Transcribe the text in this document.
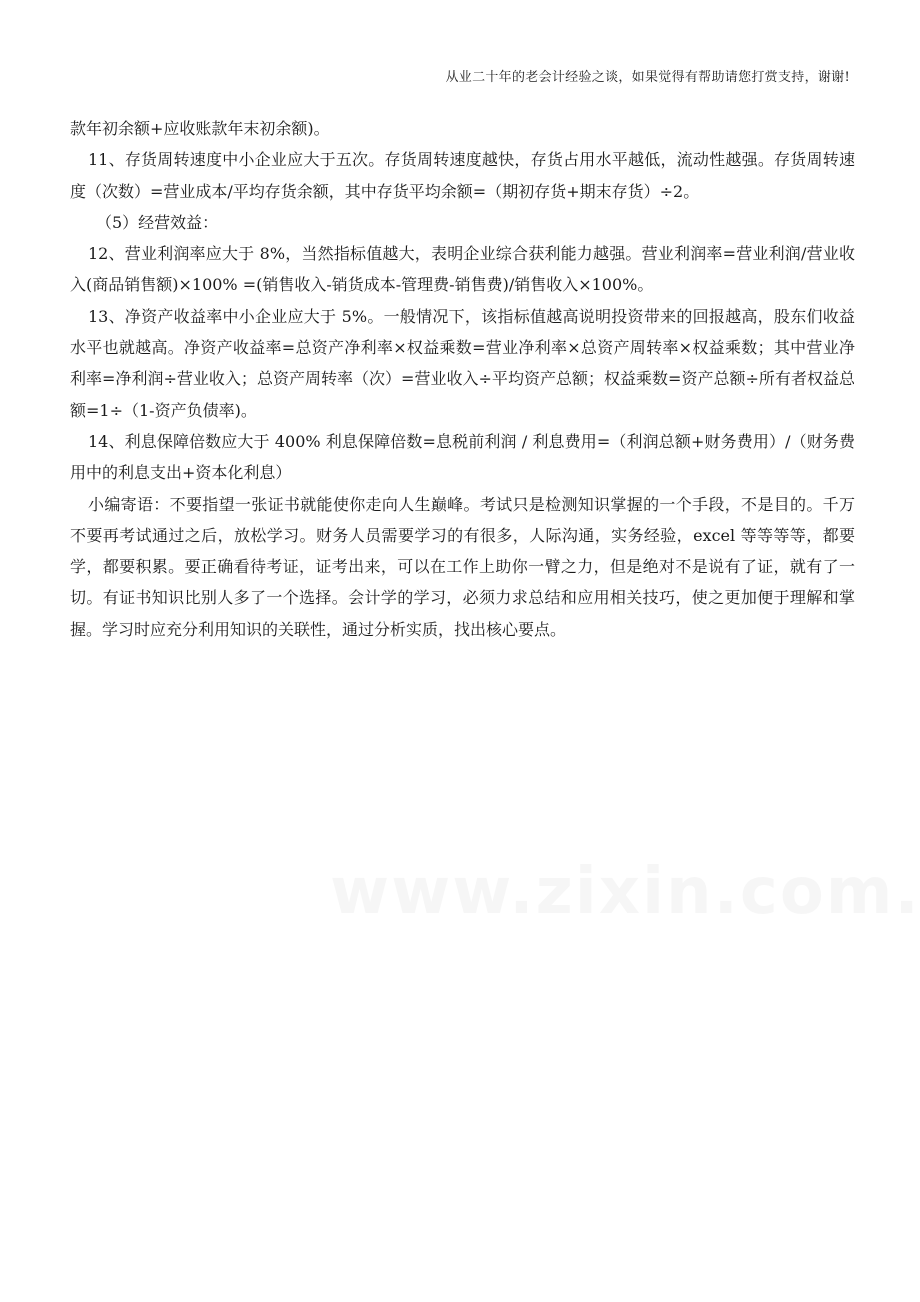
从业二十年的老会计经验之谈，如果觉得有帮助请您打赏支持，谢谢!

款年初余额+应收账款年末初余额)。

11、存货周转速度中小企业应大于五次。存货周转速度越快，存货占用水平越低，流动性越强。存货周转速度（次数）=营业成本/平均存货余额，其中存货平均余额=（期初存货+期末存货）÷2。

（5）经营效益：

12、营业利润率应大于 8%，当然指标值越大，表明企业综合获利能力越强。营业利润率=营业利润/营业收入(商品销售额)×100% =(销售收入-销货成本-管理费-销售费)/销售收入×100%。

13、净资产收益率中小企业应大于 5%。一般情况下，该指标值越高说明投资带来的回报越高，股东们收益水平也就越高。净资产收益率=总资产净利率×权益乘数=营业净利率×总资产周转率×权益乘数；其中营业净利率=净利润÷营业收入；总资产周转率（次）=营业收入÷平均资产总额；权益乘数=资产总额÷所有者权益总额=1÷（1-资产负债率)。

14、利息保障倍数应大于 400% 利息保障倍数=息税前利润 / 利息费用=（利润总额+财务费用）/（财务费用中的利息支出+资本化利息）

小编寄语：不要指望一张证书就能使你走向人生巅峰。考试只是检测知识掌握的一个手段，不是目的。千万不要再考试通过之后，放松学习。财务人员需要学习的有很多，人际沟通，实务经验，excel 等等等等，都要学，都要积累。要正确看待考证，证考出来，可以在工作上助你一臂之力，但是绝对不是说有了证，就有了一切。有证书知识比别人多了一个选择。会计学的学习，必须力求总结和应用相关技巧，使之更加便于理解和掌握。学习时应充分利用知识的关联性，通过分析实质，找出核心要点。
